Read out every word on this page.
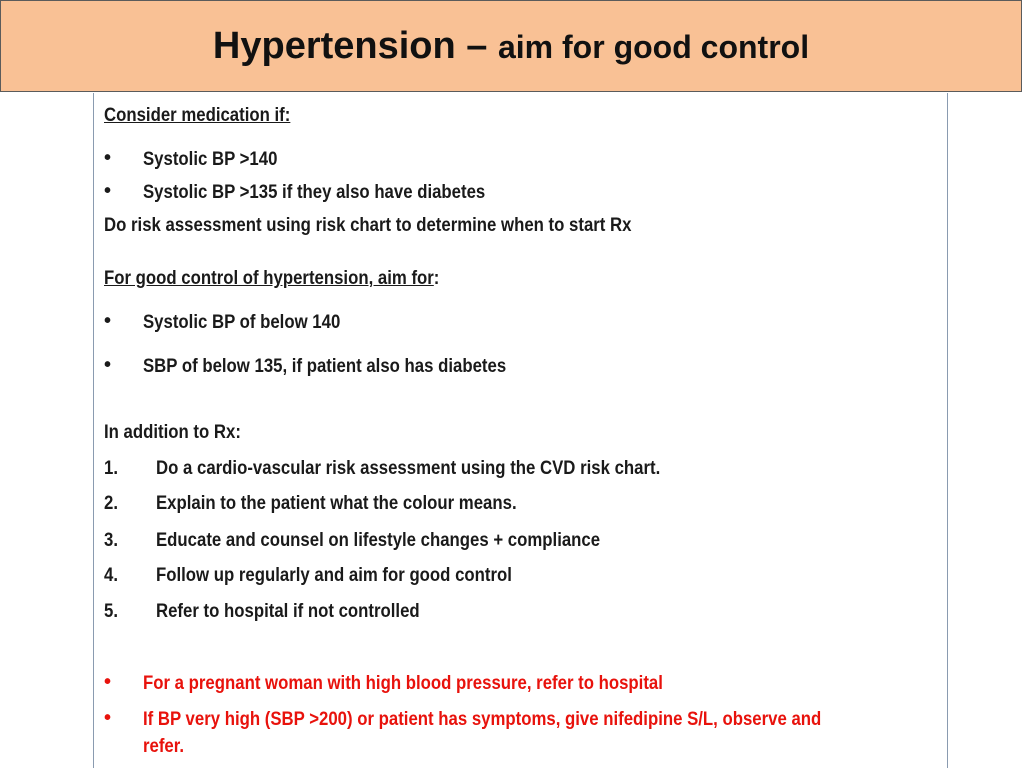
Hypertension – aim for good control
Consider medication if:
• Systolic BP >140
• Systolic BP >135 if they also have diabetes
Do risk assessment using risk chart to determine when to start Rx
For good control of hypertension, aim for:
• Systolic BP of below 140
• SBP of below 135, if patient also has diabetes
In addition to Rx:
1. Do a cardio-vascular risk assessment using the CVD risk chart.
2. Explain to the patient what the colour means.
3. Educate and counsel on lifestyle changes + compliance
4. Follow up regularly and aim for good control
5. Refer to hospital if not controlled
• For a pregnant woman with high blood pressure, refer to hospital
• If BP very high (SBP >200) or patient has symptoms, give nifedipine S/L, observe and
refer.
